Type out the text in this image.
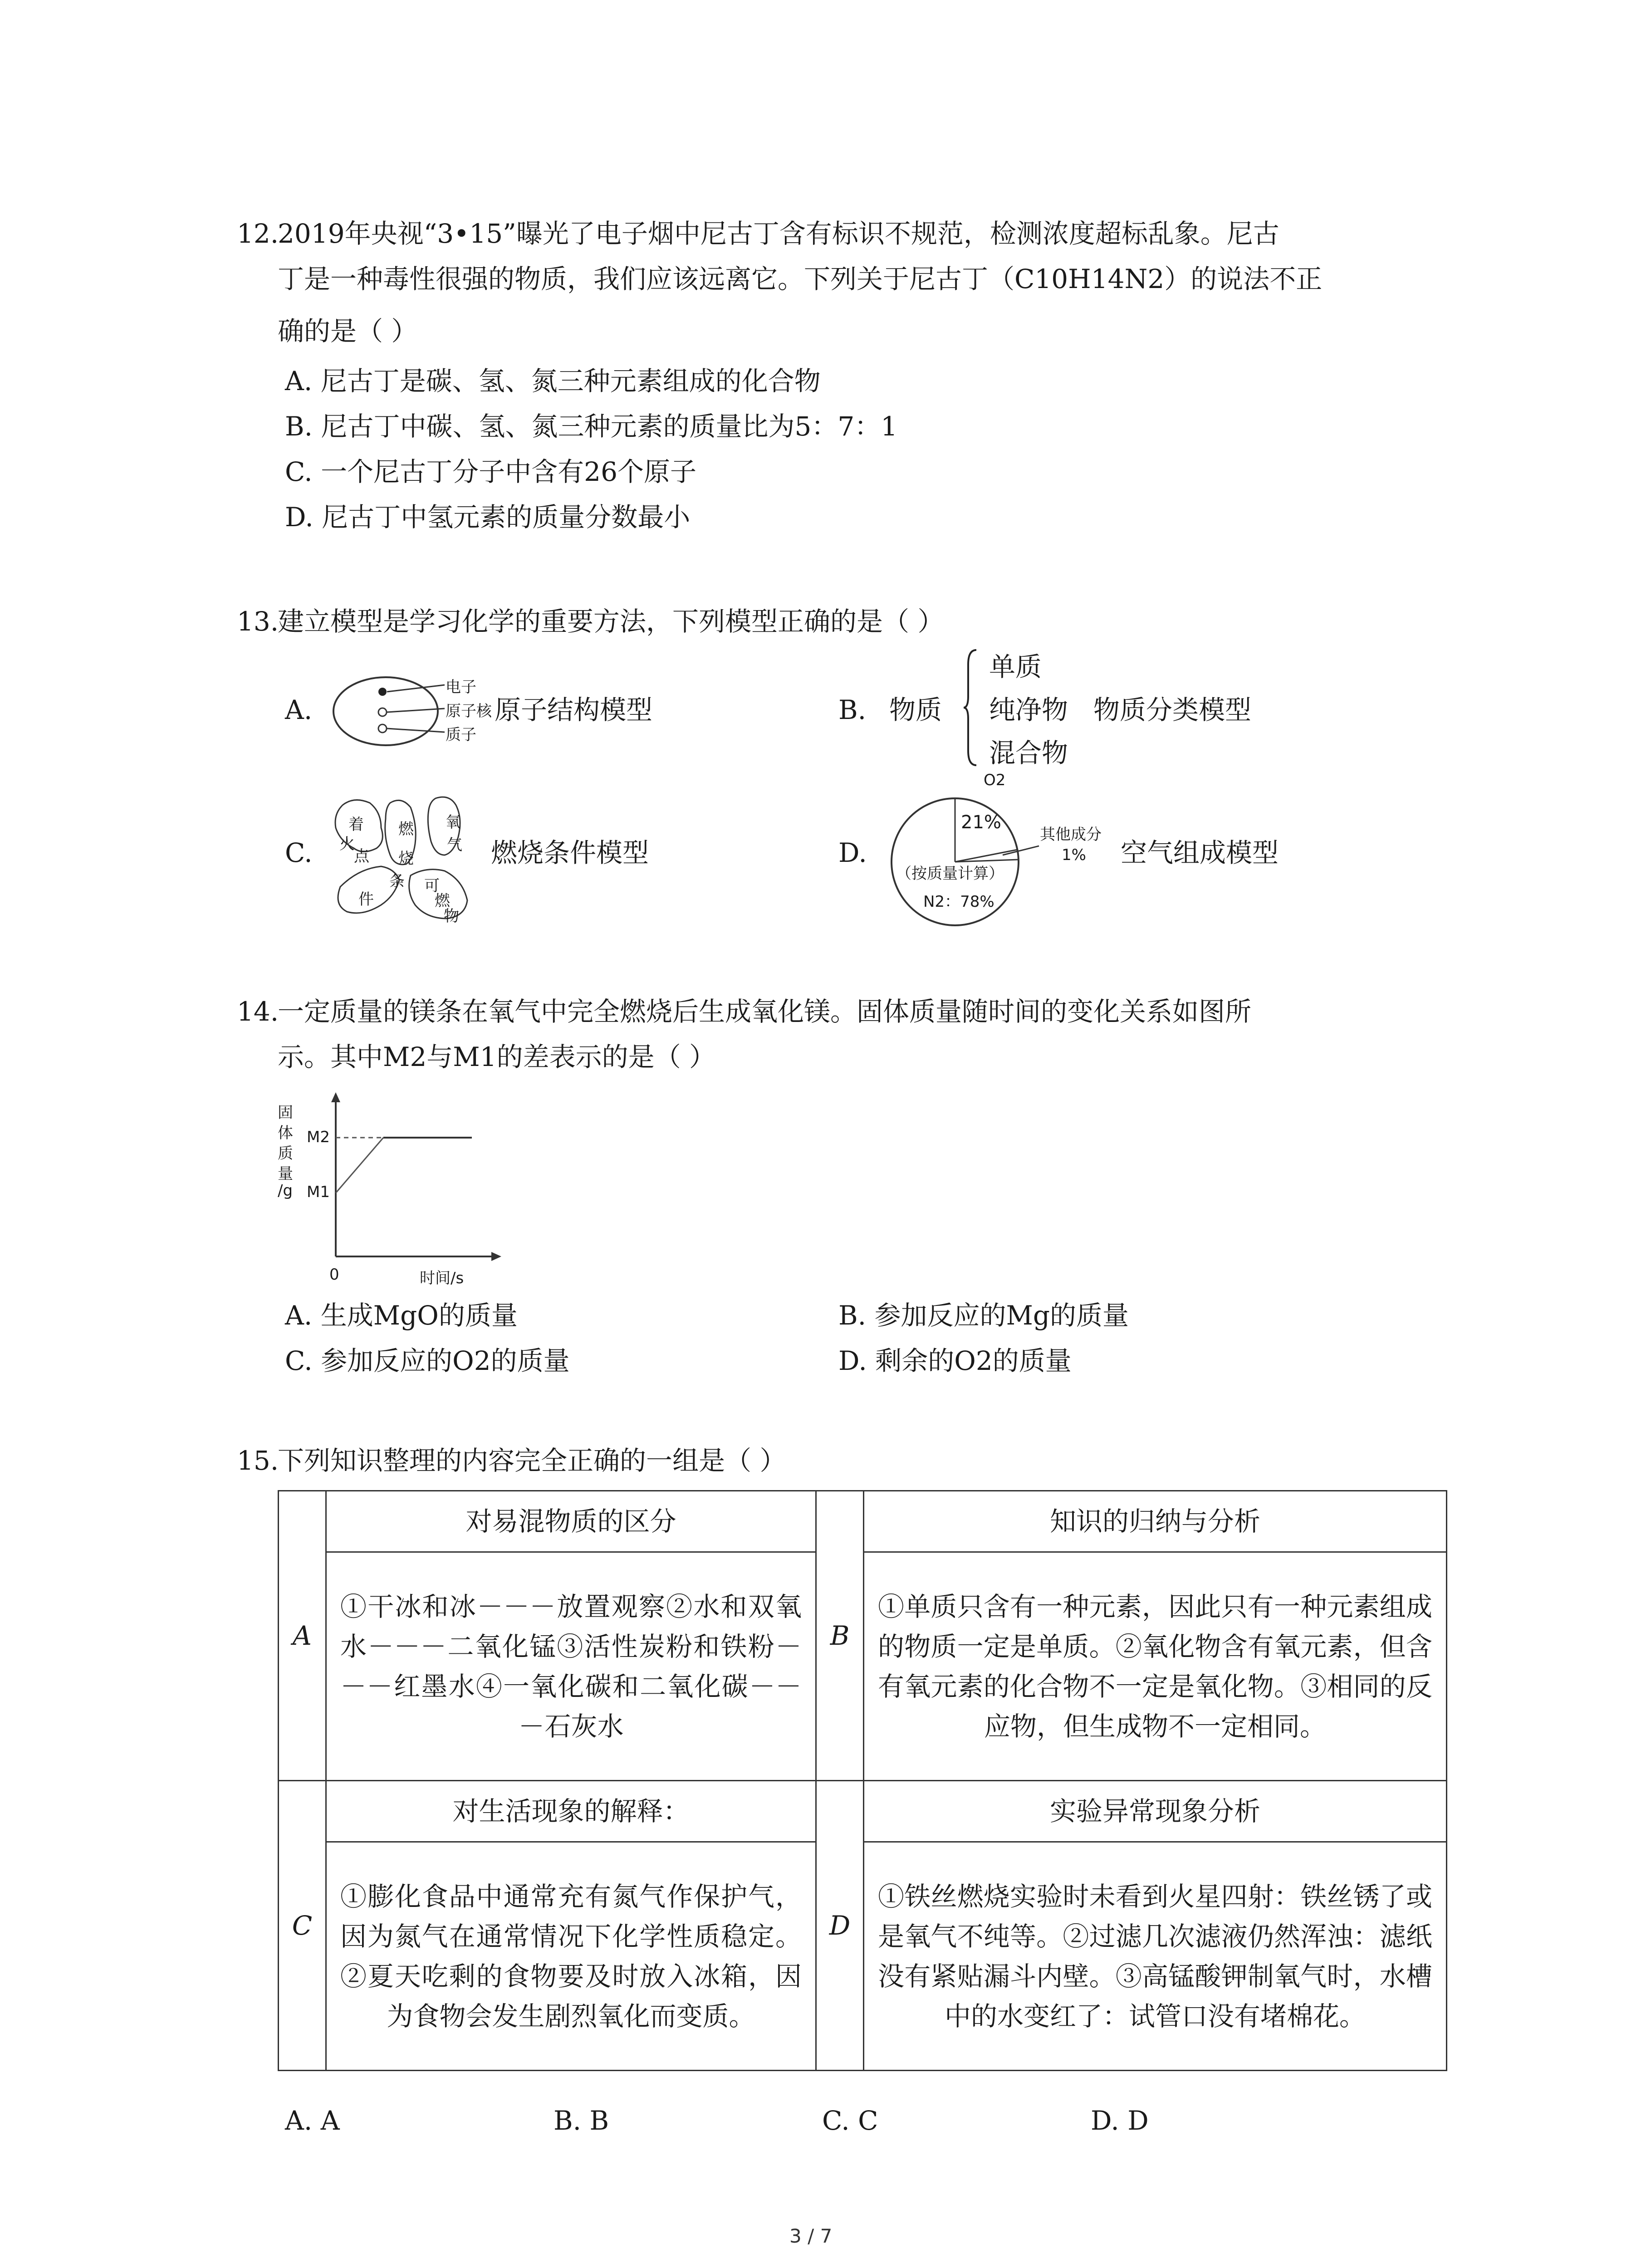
12.
2019年央视“3•15”曝光了电子烟中尼古丁含有标识不规范，检测浓度超标乱象。尼古
丁是一种毒性很强的物质，我们应该远离它。下列关于尼古丁（C10H14N2）的说法不正
确的是（ ）
A. 尼古丁是碳、氢、氮三种元素组成的化合物
B. 尼古丁中碳、氢、氮三种元素的质量比为5：7：1
C. 一个尼古丁分子中含有26个原子
D. 尼古丁中氢元素的质量分数最小
13.
建立模型是学习化学的重要方法，下列模型正确的是（ ）
A.
电子
原子核
质子
原子结构模型	B. 物质
单质
纯净物
混合物
物质分类模型
C.
着
火
点
燃
烧
条
件
氧
气
可
燃
物
燃烧条件模型	D.
O2
21%
其他成分
1%
（按质量计算）
N2：78%
空气组成模型
14.
一定质量的镁条在氧气中完全燃烧后生成氧化镁。固体质量随时间的变化关系如图所
示。其中M2与M1的差表示的是（ ）
固
体
质
量
/g
M2
M1
0	时间/s
A. 生成MgO的质量	B. 参加反应的Mg的质量
C. 参加反应的O2的质量	D. 剩余的O2的质量
15.
下列知识整理的内容完全正确的一组是（ ）
A	对易混物质的区分	B	知识的归纳与分析
	①干冰和冰－－－放置观察②水和双氧水－－－二氧化锰③活性炭粉和铁粉－－－红墨水④一氧化碳和二氧化碳－－－石灰水		①单质只含有一种元素，因此只有一种元素组成的物质一定是单质。②氧化物含有氧元素，但含有氧元素的化合物不一定是氧化物。③相同的反应物，但生成物不一定相同。
C	对生活现象的解释：	D	实验异常现象分析
	①膨化食品中通常充有氮气作保护气，因为氮气在通常情况下化学性质稳定。②夏天吃剩的食物要及时放入冰箱，因为食物会发生剧烈氧化而变质。		①铁丝燃烧实验时未看到火星四射：铁丝锈了或是氧气不纯等。②过滤几次滤液仍然浑浊：滤纸没有紧贴漏斗内壁。③高锰酸钾制氧气时，水槽中的水变红了：试管口没有堵棉花。
A. A	B. B	C. C	D. D
3 / 7
